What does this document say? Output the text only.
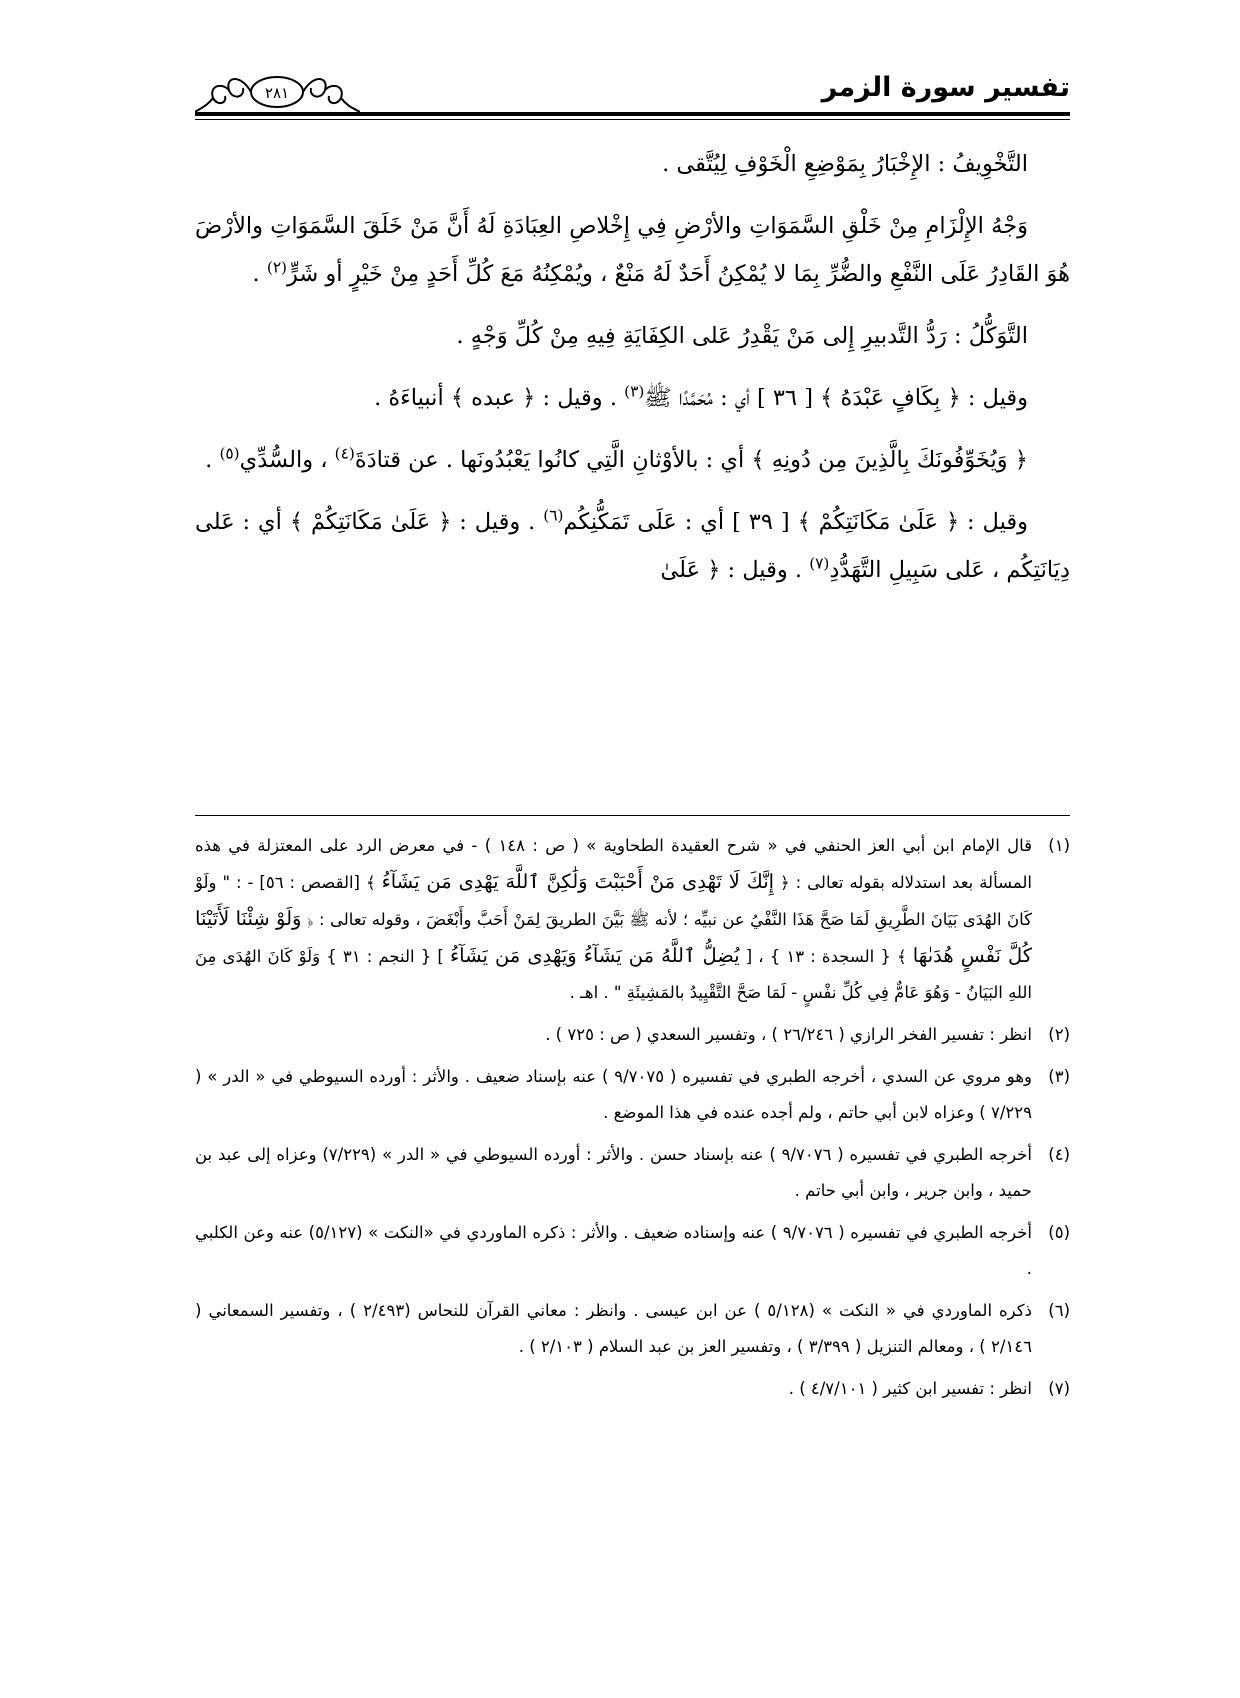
تفسير سورة الزمر
٢٨١

التَّخْوِيفُ : الإِخْبَارُ بِمَوْضِعِ الْخَوْفِ لِيُتَّقى .

وَجْهُ الإِلْزَامِ مِنْ خَلْقِ السَّمَوَاتِ والأرْضِ فِي إِخْلاصِ العِبَادَةِ لَهُ أَنَّ مَنْ خَلَقَ السَّمَوَاتِ والأرْضَ هُوَ القَادِرُ عَلَى النَّفْعِ والضُّرِّ بِمَا لا يُمْكِنُ أَحَدٌ لَهُ مَنْعٌ ، ويُمْكِنُهُ مَعَ كُلِّ أَحَدٍ مِنْ خَيْرٍ أو شَرٍّ$^{(٢)}$ .

التَّوَكُّلُ : رَدُّ التَّدبيرِ إِلى مَنْ يَقْدِرُ عَلى الكِفَايَةِ فِيهِ مِنْ كُلِّ وَجْهٍ .

وقيل : ﴿ بِكَافٍ عَبْدَهُ ﴾ [ ٣٦ ] أي : مُحَمَّدًا ﷺ$^{(٣)}$ . وقيل : ﴿ عبده ﴾ أنبياءَهُ .

﴿ وَيُخَوِّفُونَكَ بِالَّذِينَ مِن دُونِهِ ﴾ أي : بالأوْثانِ الَّتِي كانُوا يَعْبُدُونَها . عن قتادَةَ$^{(٤)}$ ، والسُّدِّي$^{(٥)}$ .

وقيل : ﴿ عَلَىٰ مَكَانَتِكُمْ ﴾ [ ٣٩ ] أي : عَلَى تَمَكُّنِكُم$^{(٦)}$ . وقيل : ﴿ عَلَىٰ مَكَانَتِكُمْ ﴾ أي : عَلى دِيَانَتِكُم ، عَلى سَبِيلِ التَّهَدُّدِ$^{(٧)}$ . وقيل : ﴿ عَلَىٰ

(١)
قال الإمام ابن أبي العز الحنفي في « شرح العقيدة الطحاوية » ( ص : ١٤٨ ) - في معرض الرد على المعتزلة في هذه المسألة بعد استدلاله بقوله تعالى : ﴿ إِنَّكَ لَا تَهْدِى مَنْ أَحْبَبْتَ وَلَٰكِنَّ ٱللَّهَ يَهْدِى مَن يَشَآءُ ﴾ [القصص : ٥٦] - : " ولَوْ كَانَ الهُدَى بَيَانَ الطَّرِيقِ لَمَا صَحَّ هَذَا النَّفْيُ عن نبيِّه ؛ لأنه ﷺ بَيَّنَ الطريقَ لِمَنْ أَحَبَّ وأَبْغَضَ ، وقوله تعالى : ﴿ وَلَوْ شِئْنَا لَأَتَيْنَا كُلَّ نَفْسٍ هُدَىٰهَا ﴾ { السجدة : ١٣ } ، [ يُضِلُّ ٱللَّهُ مَن يَشَآءُ وَيَهْدِى مَن يَشَآءُ ] { النجم : ٣١ } وَلَوْ كَانَ الهُدَى مِنَ اللهِ البَيَانُ - وَهُوَ عَامٌّ فِي كُلِّ نفْسٍ - لَمَا صَحَّ التَّقْيِيدُ بالمَشِيئَةِ " . اهـ .
(٢)
انظر : تفسير الفخر الرازي ( ٢٦/٢٤٦ ) ، وتفسير السعدي ( ص : ٧٢٥ ) .
(٣)
وهو مروي عن السدي ، أخرجه الطبري في تفسيره ( ٩/٧٠٧٥ ) عنه بإسناد ضعيف . والأثر : أورده السيوطي في « الدر » ( ٧/٢٢٩ ) وعزاه لابن أبي حاتم ، ولم أجده عنده في هذا الموضع .
(٤)
أخرجه الطبري في تفسيره ( ٩/٧٠٧٦ ) عنه بإسناد حسن . والأثر : أورده السيوطي في « الدر » (٧/٢٢٩) وعزاه إلى عبد بن حميد ، وابن جرير ، وابن أبي حاتم .
(٥)
أخرجه الطبري في تفسيره ( ٩/٧٠٧٦ ) عنه وإسناده ضعيف . والأثر : ذكره الماوردي في «النكت » (٥/١٢٧) عنه وعن الكلبي .
(٦)
ذكره الماوردي في « النكت » (٥/١٢٨ ) عن ابن عيسى . وانظر : معاني القرآن للنحاس (٢/٤٩٣ ) ، وتفسير السمعاني ( ٢/١٤٦ ) ، ومعالم التنزيل ( ٣/٣٩٩ ) ، وتفسير العز بن عبد السلام ( ٢/١٠٣ ) .
(٧)
انظر : تفسير ابن كثير ( ٤/٧/١٠١ ) .
